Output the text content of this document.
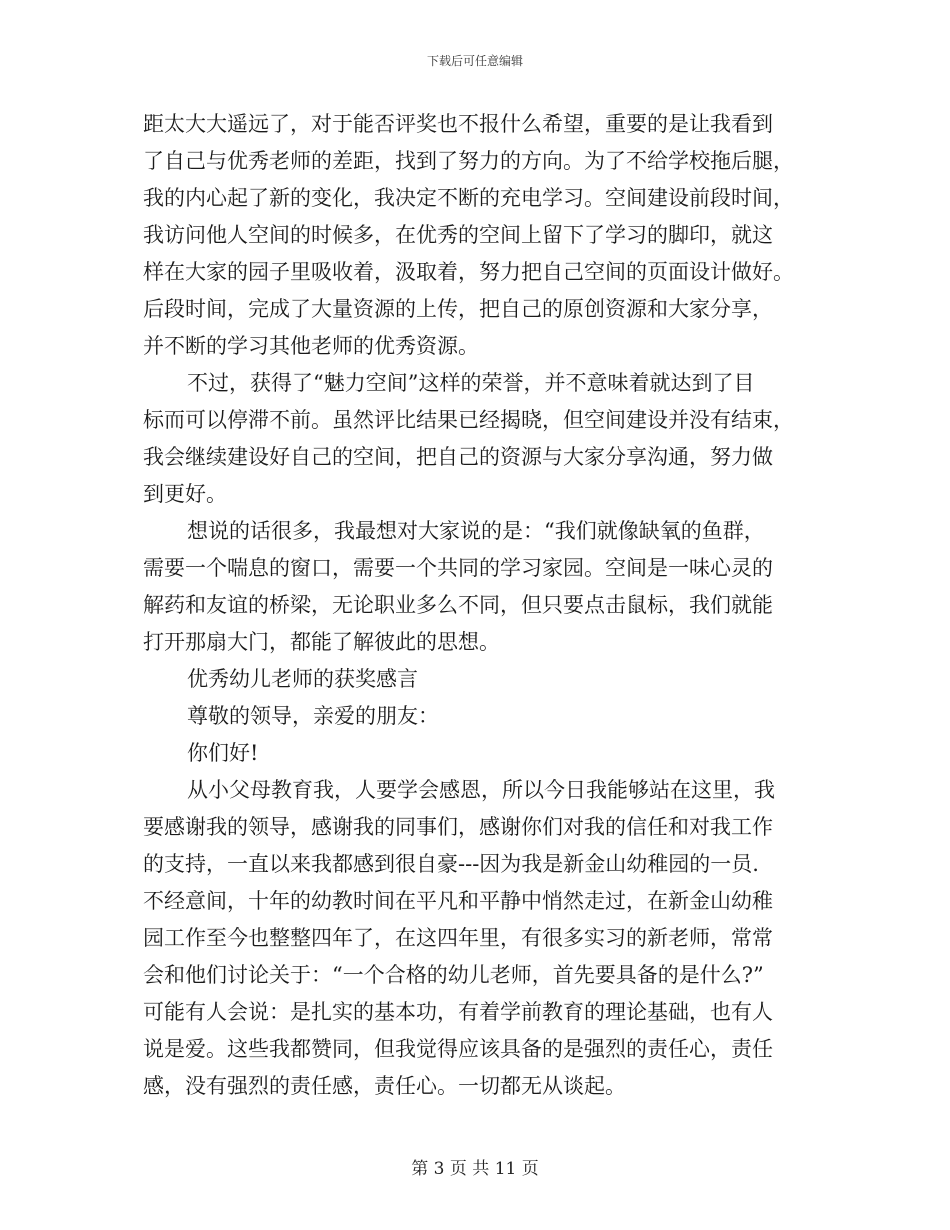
下载后可任意编辑
距太大大遥远了，对于能否评奖也不报什么希望，重要的是让我看到
了自己与优秀老师的差距，找到了努力的方向。为了不给学校拖后腿，
我的内心起了新的变化，我决定不断的充电学习。空间建设前段时间，
我访问他人空间的时候多，在优秀的空间上留下了学习的脚印，就这
样在大家的园子里吸收着，汲取着，努力把自己空间的页面设计做好。
后段时间，完成了大量资源的上传，把自己的原创资源和大家分享，
并不断的学习其他老师的优秀资源。
不过，获得了“魅力空间”这样的荣誉，并不意味着就达到了目
标而可以停滞不前。虽然评比结果已经揭晓，但空间建设并没有结束，
我会继续建设好自己的空间，把自己的资源与大家分享沟通，努力做
到更好。
想说的话很多，我最想对大家说的是：“我们就像缺氧的鱼群，
需要一个喘息的窗口，需要一个共同的学习家园。空间是一味心灵的
解药和友谊的桥梁，无论职业多么不同，但只要点击鼠标，我们就能
打开那扇大门，都能了解彼此的思想。
优秀幼儿老师的获奖感言
尊敬的领导，亲爱的朋友：
你们好!
从小父母教育我，人要学会感恩，所以今日我能够站在这里，我
要感谢我的领导，感谢我的同事们，感谢你们对我的信任和对我工作
的支持，一直以来我都感到很自豪---因为我是新金山幼稚园的一员.
不经意间，十年的幼教时间在平凡和平静中悄然走过，在新金山幼稚
园工作至今也整整四年了，在这四年里，有很多实习的新老师，常常
会和他们讨论关于：“一个合格的幼儿老师，首先要具备的是什么?”
可能有人会说：是扎实的基本功，有着学前教育的理论基础，也有人
说是爱。这些我都赞同，但我觉得应该具备的是强烈的责任心，责任
感，没有强烈的责任感，责任心。一切都无从谈起。
第 3 页 共 11 页
